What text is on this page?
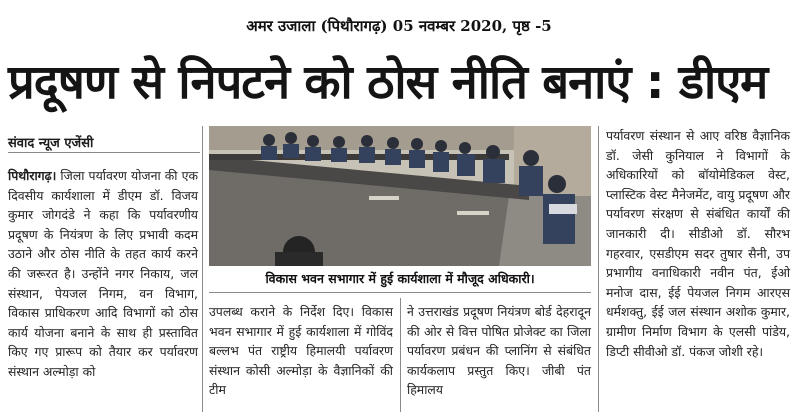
अमर उजाला (पिथौरागढ़) 05 नवम्बर 2020, पृष्ठ -5
प्रदूषण से निपटने को ठोस नीति बनाएं : डीएम
संवाद न्यूज एजेंसी
पिथौरागढ़। जिला पर्यावरण योजना की एक दिवसीय कार्यशाला में डीएम डॉ. विजय कुमार जोगदंडे ने कहा कि पर्यावरणीय प्रदूषण के नियंत्रण के लिए प्रभावी कदम उठाने और ठोस नीति के तहत कार्य करने की जरूरत है। उन्होंने नगर निकाय, जल संस्थान, पेयजल निगम, वन विभाग, विकास प्राधिकरण आदि विभागों को ठोस कार्य योजना बनाने के साथ ही प्रस्तावित किए गए प्रारूप को तैयार कर पर्यावरण संस्थान अल्मोड़ा को
विकास भवन सभागार में हुई कार्यशाला में मौजूद अधिकारी।
उपलब्ध कराने के निर्देश दिए। विकास भवन सभागार में हुई कार्यशाला में गोविंद बल्लभ पंत राष्ट्रीय हिमालयी पर्यावरण संस्थान कोसी अल्मोड़ा के वैज्ञानिकों की टीम
ने उत्तराखंड प्रदूषण नियंत्रण बोर्ड देहरादून की ओर से वित्त पोषित प्रोजेक्ट का जिला पर्यावरण प्रबंधन की प्लानिंग से संबंधित कार्यकलाप प्रस्तुत किए। जीबी पंत हिमालय
पर्यावरण संस्थान से आए वरिष्ठ वैज्ञानिक डॉ. जेसी कुनियाल ने विभागों के अधिकारियों को बॉयोमेडिकल वेस्ट, प्लास्टिक वेस्ट मैनेजमेंट, वायु प्रदूषण और पर्यावरण संरक्षण से संबंधित कार्यों की जानकारी दी। सीडीओ डॉ. सौरभ गहरवार, एसडीएम सदर तुषार सैनी, उप प्रभागीय वनाधिकारी नवीन पंत, ईओ मनोज दास, ईई पेयजल निगम आरएस धर्मशक्तु, ईई जल संस्थान अशोक कुमार, ग्रामीण निर्माण विभाग के एलसी पांडेय, डिप्टी सीवीओ डॉ. पंकज जोशी रहे।
